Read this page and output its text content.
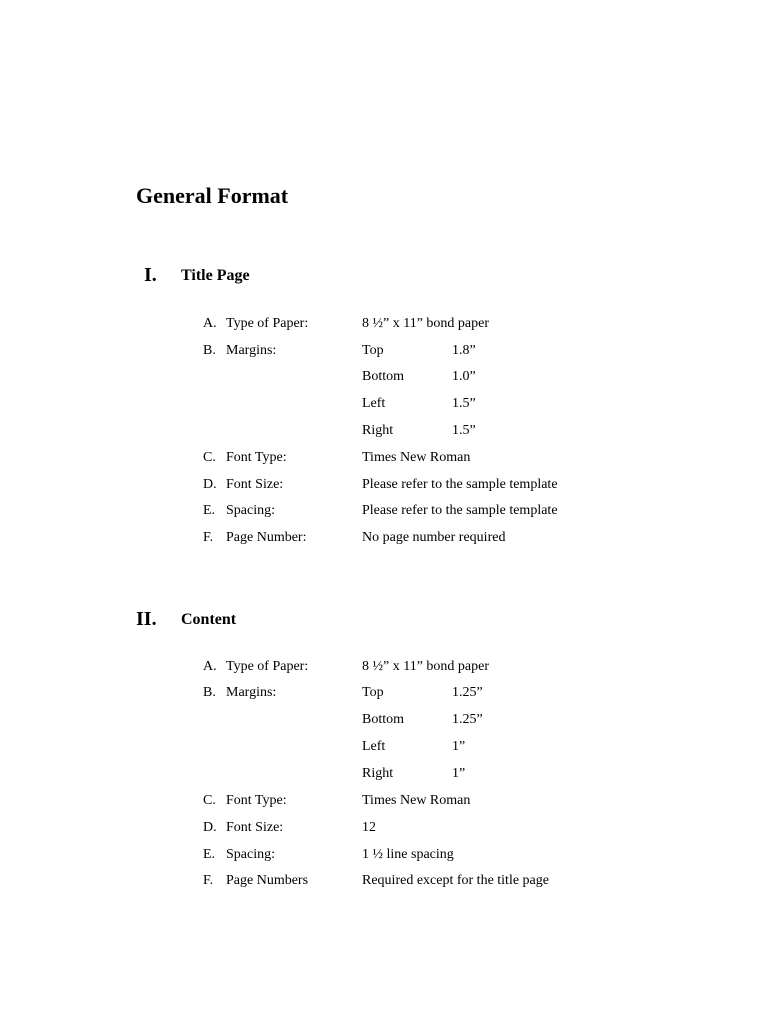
General Format
I. Title Page
A. Type of Paper:	8 ½” x 11” bond paper
B. Margins:	Top	1.8”
Bottom	1.0”
Left	1.5”
Right	1.5”
C. Font Type:	Times New Roman
D. Font Size:	Please refer to the sample template
E. Spacing:	Please refer to the sample template
F. Page Number:	No page number required
II. Content
A. Type of Paper:	8 ½” x 11” bond paper
B. Margins:	Top	1.25”
Bottom	1.25”
Left	1”
Right	1”
C. Font Type:	Times New Roman
D. Font Size:	12
E. Spacing:	1 ½ line spacing
F. Page Numbers	Required except for the title page
